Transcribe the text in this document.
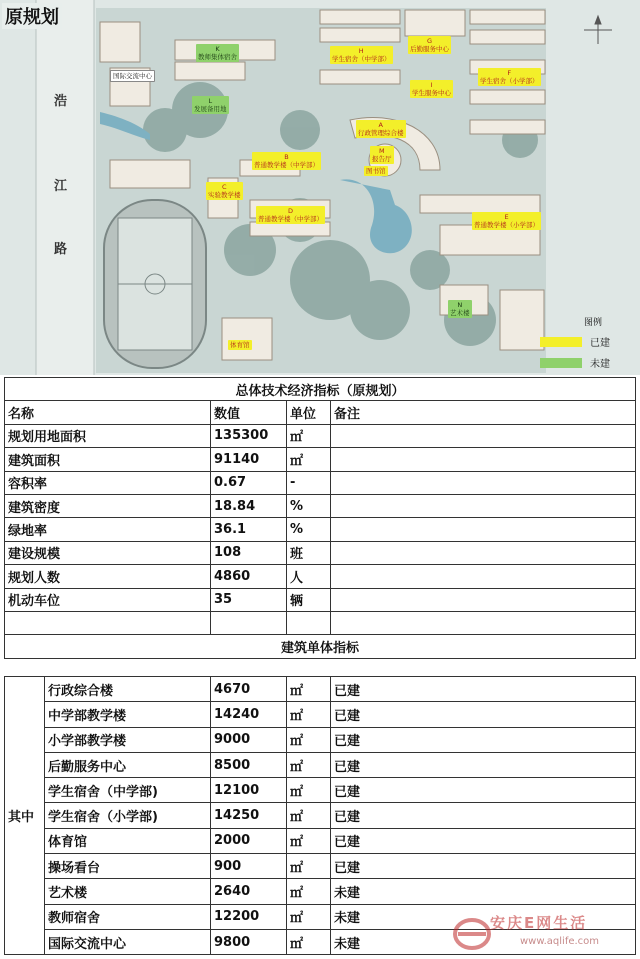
原规划
浩
江
路
K
教师集体宿舍
国际交流中心
H
学生宿舍（中学部）
G
后勤服务中心
F
学生宿舍（小学部）
I
学生服务中心
L
发展备用地
A
行政管理综合楼
B
普通教学楼（中学部）
M
报告厅
图书馆
C
实验教学楼
D
普通教学楼（中学部）	E
普通教学楼（小学部）
N
艺术楼
体育馆
图例
已建
未建
总体技术经济指标（原规划）			
名称	数值	单位	备注
规划用地面积	135300	㎡	
建筑面积	91140	㎡	
容积率	0.67	-	
建筑密度	18.84	%	
绿地率	36.1	%	
建设规模	108	班	
规划人数	4860	人	
机动车位	35	辆	

建筑单体指标			
其中	行政综合楼	4670	㎡	已建
	中学部教学楼	14240	㎡	已建
	小学部教学楼	9000	㎡	已建
	后勤服务中心	8500	㎡	已建
	学生宿舍（中学部)	12100	㎡	已建
	学生宿舍（小学部)	14250	㎡	已建
	体育馆	2000	㎡	已建
	操场看台	900	㎡	已建
	艺术楼	2640	㎡	未建
	教师宿舍	12200	㎡	未建
	国际交流中心	9800	㎡	未建
安庆E网生活
www.aqlife.com
